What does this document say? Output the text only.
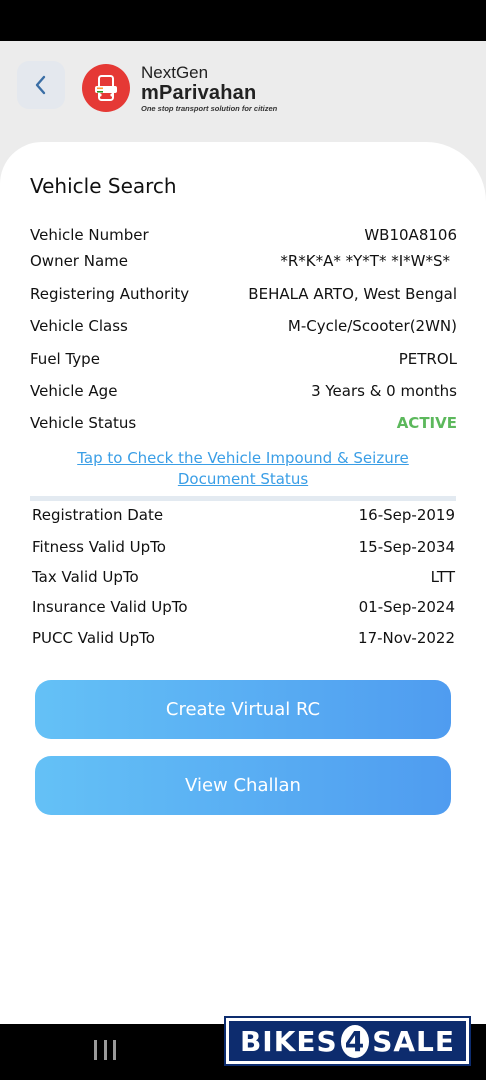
NextGen
mParivahan
One stop transport solution for citizen
Vehicle Search
Vehicle Number	WB10A8106
Owner Name	*R*K*A* *Y*T* *I*W*S*
Registering Authority	BEHALA ARTO, West Bengal
Vehicle Class	M-Cycle/Scooter(2WN)
Fuel Type	PETROL
Vehicle Age	3 Years & 0 months
Vehicle Status	ACTIVE
Tap to Check the Vehicle Impound & Seizure Document Status
Registration Date	16-Sep-2019
Fitness Valid UpTo	15-Sep-2034
Tax Valid UpTo	LTT
Insurance Valid UpTo	01-Sep-2024
PUCC Valid UpTo	17-Nov-2022
Create Virtual RC
View Challan
BIKES 4 SALE
